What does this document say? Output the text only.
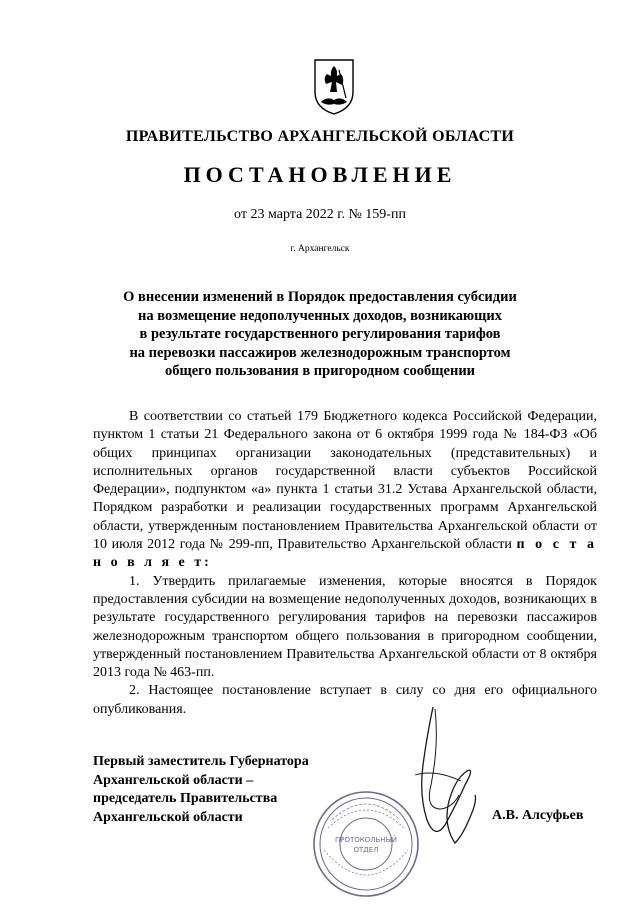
ПРАВИТЕЛЬСТВО АРХАНГЕЛЬСКОЙ ОБЛАСТИ
ПОСТАНОВЛЕНИЕ
от 23 марта 2022 г. № 159-пп
г. Архангельск
О внесении изменений в Порядок предоставления субсидии
на возмещение недополученных доходов, возникающих
в результате государственного регулирования тарифов
на перевозки пассажиров железнодорожным транспортом
общего пользования в пригородном сообщении

В соответствии со статьей 179 Бюджетного кодекса Российской Федерации, пунктом 1 статьи 21 Федерального закона от 6 октября 1999 года № 184-ФЗ «Об общих принципах организации законодательных (представительных) и исполнительных органов государственной власти субъектов Российской Федерации», подпунктом «а» пункта 1 статьи 31.2 Устава Архангельской области, Порядком разработки и реализации государственных программ Архангельской области, утвержденным постановлением Правительства Архангельской области от 10 июля 2012 года № 299-пп, Правительство Архангельской области п о с т а н о в л я е т:

1. Утвердить прилагаемые изменения, которые вносятся в Порядок предоставления субсидии на возмещение недополученных доходов, возникающих в результате государственного регулирования тарифов на перевозки пассажиров железнодорожным транспортом общего пользования в пригородном сообщении, утвержденный постановлением Правительства Архангельской области от 8 октября 2013 года № 463-пп.

2. Настоящее постановление вступает в силу со дня его официального опубликования.

ПРОТОКОЛЬНЫЙ
ОТДЕЛ
Первый заместитель Губернатора
Архангельской области –
председатель Правительства
Архангельской области	А.В. Алсуфьев
